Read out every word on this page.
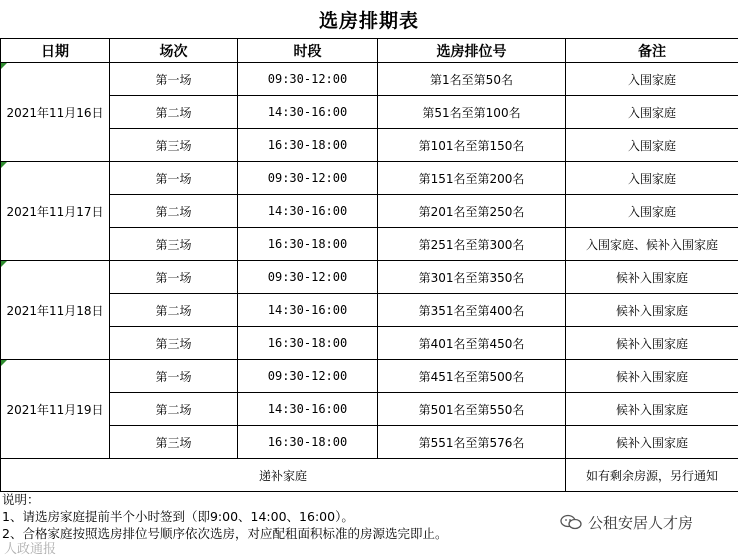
选房排期表
日期	场次	时段	选房排位号	备注

2021年11月16日	第一场	09:30-12:00	第1名至第50名	入围家庭
	第二场	14:30-16:00	第51名至第100名	入围家庭
	第三场	16:30-18:00	第101名至第150名	入围家庭

2021年11月17日	第一场	09:30-12:00	第151名至第200名	入围家庭
	第二场	14:30-16:00	第201名至第250名	入围家庭
	第三场	16:30-18:00	第251名至第300名	入围家庭、候补入围家庭

2021年11月18日	第一场	09:30-12:00	第301名至第350名	候补入围家庭
	第二场	14:30-16:00	第351名至第400名	候补入围家庭
	第三场	16:30-18:00	第401名至第450名	候补入围家庭

2021年11月19日	第一场	09:30-12:00	第451名至第500名	候补入围家庭
	第二场	14:30-16:00	第501名至第550名	候补入围家庭
	第三场	16:30-18:00	第551名至第576名	候补入围家庭
递补家庭				如有剩余房源，另行通知
说明：
1、请选房家庭提前半个小时签到（即9:00、14:00、16:00）。
2、合格家庭按照选房排位号顺序依次选房，对应配租面积标准的房源选完即止。
公租安居人才房
人政通报
